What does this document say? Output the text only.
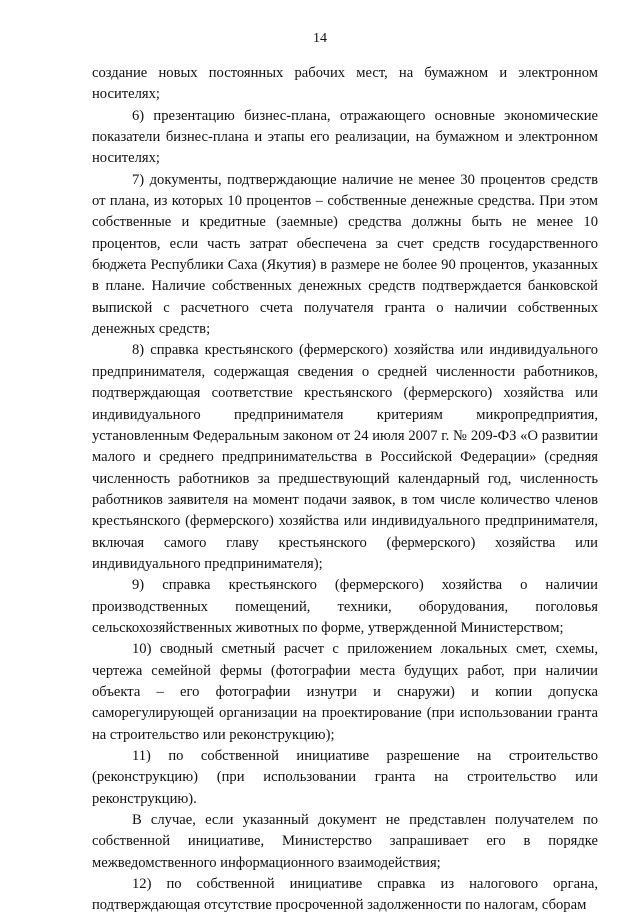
14

создание новых постоянных рабочих мест, на бумажном и электронном носителях;

6) презентацию бизнес-плана, отражающего основные экономические показатели бизнес-плана и этапы его реализации, на бумажном и электронном носителях;

7) документы, подтверждающие наличие не менее 30 процентов средств от плана, из которых 10 процентов – собственные денежные средства. При этом собственные и кредитные (заемные) средства должны быть не менее 10 процентов, если часть затрат обеспечена за счет средств государственного бюджета Республики Саха (Якутия) в размере не более 90 процентов, указанных в плане. Наличие собственных денежных средств подтверждается банковской выпиской с расчетного счета получателя гранта о наличии собственных денежных средств;

8) справка крестьянского (фермерского) хозяйства или индивидуального предпринимателя, содержащая сведения о средней численности работников, подтверждающая соответствие крестьянского (фермерского) хозяйства или индивидуального предпринимателя критериям микропредприятия, установленным Федеральным законом от 24 июля 2007 г. № 209-ФЗ «О развитии малого и среднего предпринимательства в Российской Федерации» (средняя численность работников за предшествующий календарный год, численность работников заявителя на момент подачи заявок, в том числе количество членов крестьянского (фермерского) хозяйства или индивидуального предпринимателя, включая самого главу крестьянского (фермерского) хозяйства или индивидуального предпринимателя);

9) справка крестьянского (фермерского) хозяйства о наличии производственных помещений, техники, оборудования, поголовья сельскохозяйственных животных по форме, утвержденной Министерством;

10) сводный сметный расчет с приложением локальных смет, схемы, чертежа семейной фермы (фотографии места будущих работ, при наличии объекта – его фотографии изнутри и снаружи) и копии допуска саморегулирующей организации на проектирование (при использовании гранта на строительство или реконструкцию);

11) по собственной инициативе разрешение на строительство (реконструкцию) (при использовании гранта на строительство или реконструкцию).

В случае, если указанный документ не представлен получателем по собственной инициативе, Министерство запрашивает его в порядке межведомственного информационного взаимодействия;

12) по собственной инициативе справка из налогового органа, подтверждающая отсутствие просроченной задолженности по налогам, сборам
